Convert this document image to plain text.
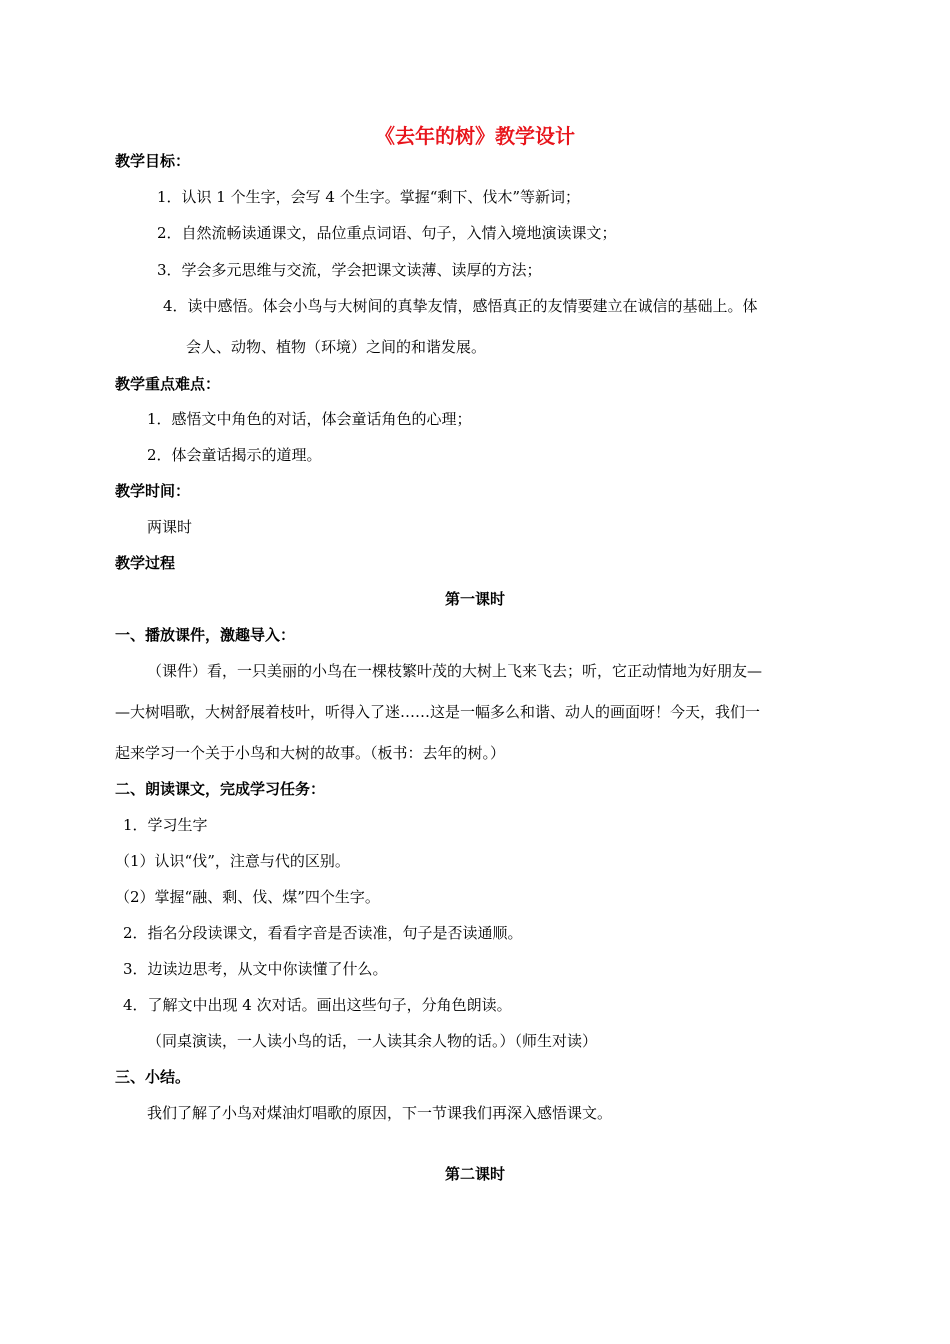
《去年的树》教学设计
教学目标：
1．认识 1 个生字，会写 4 个生字。掌握“剩下、伐木”等新词；
2．自然流畅读通课文，品位重点词语、句子，入情入境地演读课文；
3．学会多元思维与交流，学会把课文读薄、读厚的方法；
4．读中感悟。体会小鸟与大树间的真挚友情，感悟真正的友情要建立在诚信的基础上。体
会人、动物、植物（环境）之间的和谐发展。
教学重点难点：
1．感悟文中角色的对话，体会童话角色的心理；
2．体会童话揭示的道理。
教学时间：
两课时
教学过程
第一课时
一、播放课件，激趣导入：
（课件）看，一只美丽的小鸟在一棵枝繁叶茂的大树上飞来飞去；听，它正动情地为好朋友—
—大树唱歌，大树舒展着枝叶，听得入了迷……这是一幅多么和谐、动人的画面呀！今天，我们一
起来学习一个关于小鸟和大树的故事。（板书：去年的树。）
二、朗读课文，完成学习任务：
1．学习生字
（1）认识“伐”，注意与代的区别。
（2）掌握“融、剩、伐、煤”四个生字。
2．指名分段读课文，看看字音是否读准，句子是否读通顺。
3．边读边思考，从文中你读懂了什么。
4．了解文中出现 4 次对话。画出这些句子，分角色朗读。
（同桌演读，一人读小鸟的话，一人读其余人物的话。）（师生对读）
三、小结。
我们了解了小鸟对煤油灯唱歌的原因，下一节课我们再深入感悟课文。
第二课时
